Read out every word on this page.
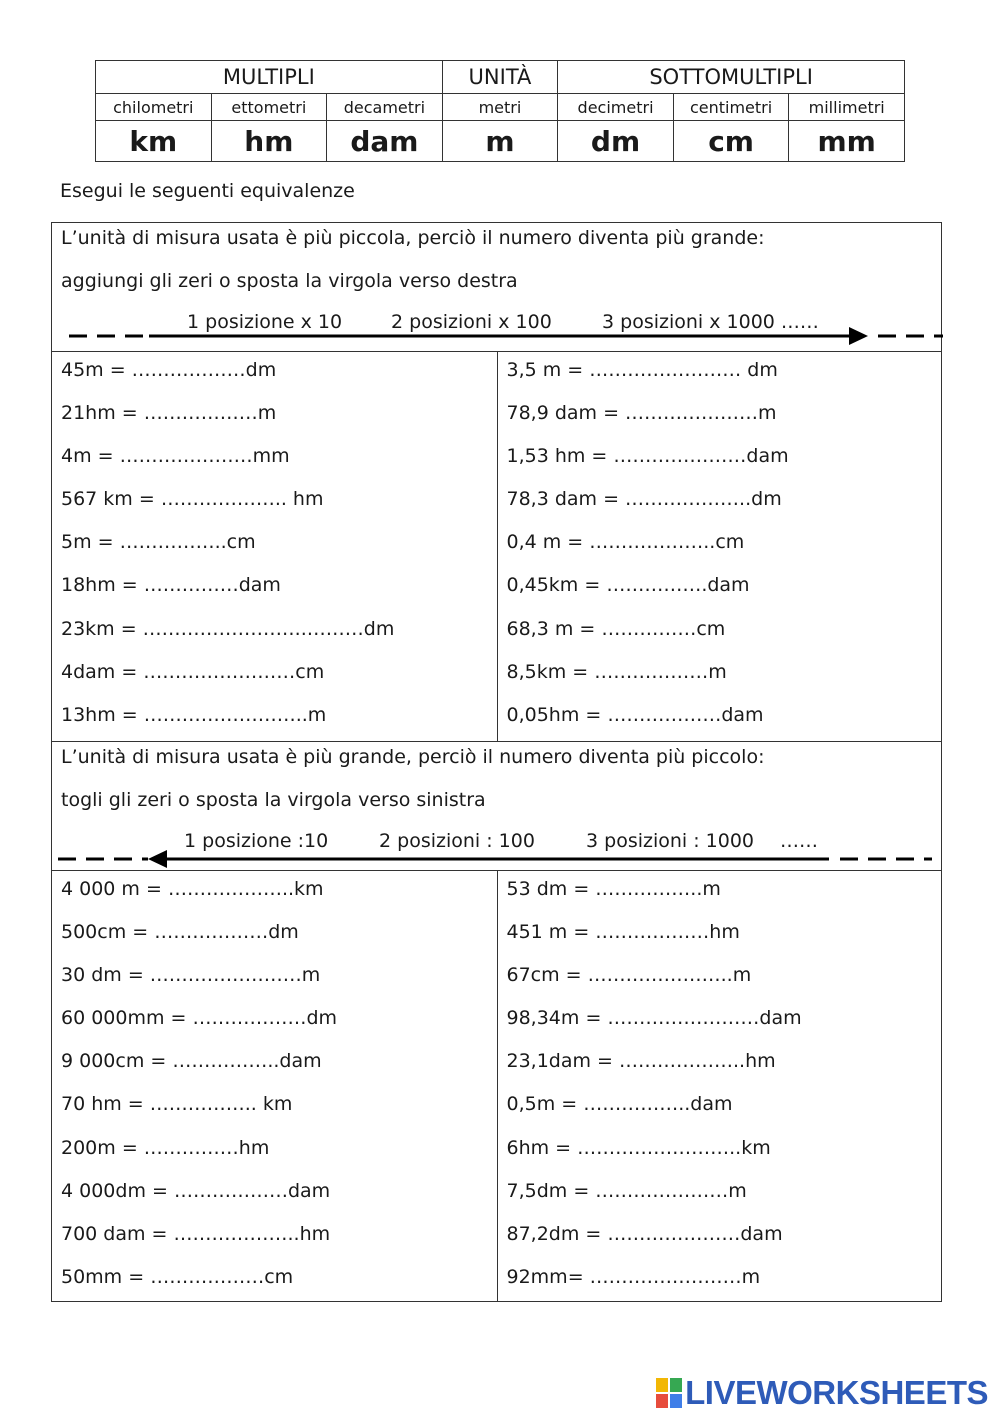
MULTIPLI			UNITÀ	SOTTOMULTIPLI		
chilometri	ettometri	decametri	metri	decimetri	centimetri	millimetri
km	hm	dam	m	dm	cm	mm
Esegui le seguenti equivalenze
L’unità di misura usata è più piccola, perciò il numero diventa più grande:
aggiungi gli zeri o sposta la virgola verso destra
1 posizione x 10	2 posizioni x 100	3 posizioni x 1000 ……
45m = ………………dm
21hm = ………………m
4m = …………………mm
567 km = ……………….. hm
5m = ……………..cm
18hm = ……………dam
23km = ……………………..………dm
4dam = ……………………cm
13hm = ……………………..m
3,5 m = …………………… dm
78,9 dam = …………………m
1,53 hm = …………………dam
78,3 dam = ………………..dm
0,4 m = ………………..cm
0,45km = …………….dam
68,3 m = ……………cm
8,5km = ………………m
0,05hm = ………………dam
L’unità di misura usata è più grande, perciò il numero diventa più piccolo:
togli gli zeri o sposta la virgola verso sinistra
1 posizione :10	2 posizioni : 100	3 posizioni : 1000 ……
4 000 m = ………………..km
500cm = ………………dm
30 dm = ……………………m
60 000mm = ………………dm
9 000cm = ……………..dam
70 hm = …………….. km
200m = ……………hm
4 000dm = ………………dam
700 dam = ………………..hm
50mm = ………………cm
53 dm = ……………..m
451 m = ………………hm
67cm = …………………..m
98,34m = ……………………dam
23,1dam = ………………..hm
0,5m = ……………..dam
6hm = ……………………..km
7,5dm = …………………m
87,2dm = …………………dam
92mm= ……………………m
LIVEWORKSHEETS
